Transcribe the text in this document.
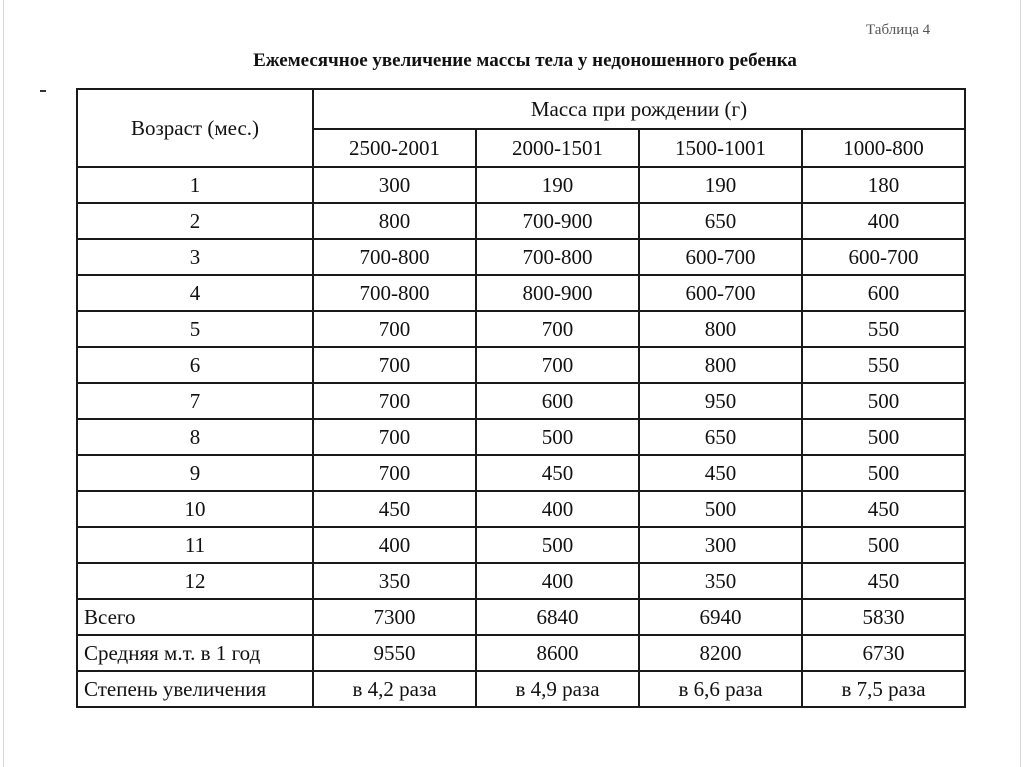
Таблица 4
Ежемесячное увеличение массы тела у недоношенного ребенка
Возраст (мес.)	Масса при рождении (г)			
	2500-2001	2000-1501	1500-1001	1000-800
1	300	190	190	180
2	800	700-900	650	400
3	700-800	700-800	600-700	600-700
4	700-800	800-900	600-700	600
5	700	700	800	550
6	700	700	800	550
7	700	600	950	500
8	700	500	650	500
9	700	450	450	500
10	450	400	500	450
11	400	500	300	500
12	350	400	350	450
Всего	7300	6840	6940	5830
Средняя м.т. в 1 год	9550	8600	8200	6730
Степень увеличения	в 4,2 раза	в 4,9 раза	в 6,6 раза	в 7,5 раза
